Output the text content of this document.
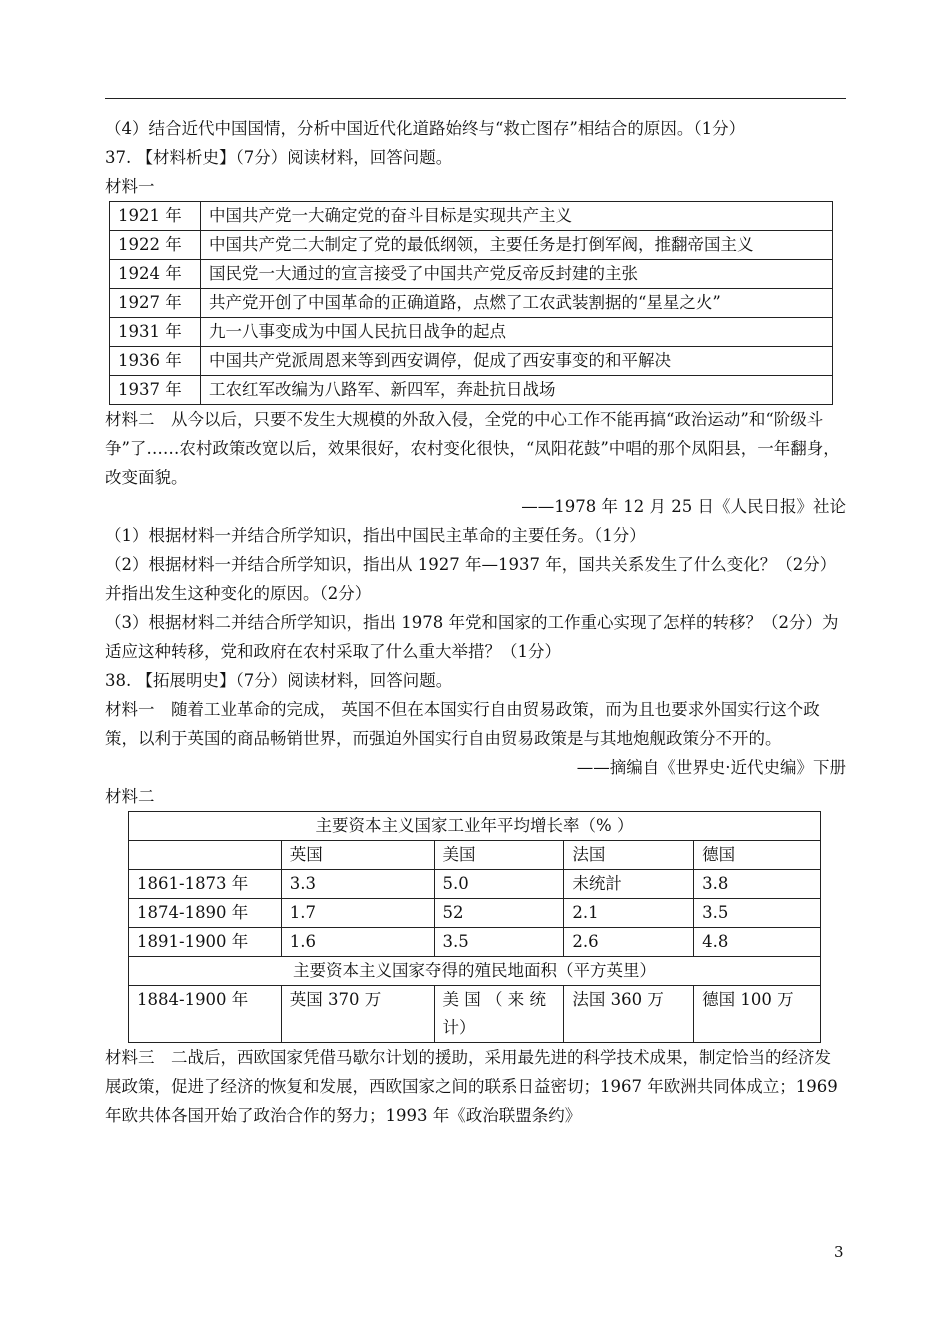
（4）结合近代中国国情，分析中国近代化道路始终与“救亡图存”相结合的原因。（1分）

37. 【材料析史】（7分）阅读材料，回答问题。

材料一

1921 年	中国共产党一大确定党的奋斗目标是实现共产主义
1922 年	中国共产党二大制定了党的最低纲领，主要任务是打倒军阀，推翻帝国主义
1924 年	国民党一大通过的宣言接受了中国共产党反帝反封建的主张
1927 年	共产党开创了中国革命的正确道路，点燃了工农武装割据的“星星之火”
1931 年	九一八事变成为中国人民抗日战争的起点
1936 年	中国共产党派周恩来等到西安调停，促成了西安事变的和平解决
1937 年	工农红军改编为八路军、新四军，奔赴抗日战场

材料二　从今以后，只要不发生大规模的外敌入侵，全党的中心工作不能再搞“政治运动”和“阶级斗争”了……农村政策改宽以后，效果很好，农村变化很快，“凤阳花鼓”中唱的那个凤阳县，一年翻身，改变面貌。

——1978 年 12 月 25 日《人民日报》社论

（1）根据材料一并结合所学知识，指出中国民主革命的主要任务。（1分）

（2）根据材料一并结合所学知识，指出从 1927 年—1937 年，国共关系发生了什么变化？（2分）并指出发生这种变化的原因。（2分）

（3）根据材料二并结合所学知识，指出 1978 年党和国家的工作重心实现了怎样的转移？（2分）为适应这种转移，党和政府在农村采取了什么重大举措？（1分）

38. 【拓展明史】（7分）阅读材料，回答问题。

材料一　随着工业革命的完成， 英国不但在本国实行自由贸易政策，而为且也要求外国实行这个政策，以利于英国的商品畅销世界，而强迫外国实行自由贸易政策是与其地炮舰政策分不开的。

——摘编自《世界史·近代史编》下册

材料二

主要资本主义国家工业年平均增长率（% ）				
	英国	美国	法国	德国
1861-1873 年	3.3	5.0	未统計	3.8
1874-1890 年	1.7	52	2.1	3.5
1891-1900 年	1.6	3.5	2.6	4.8
主要资本主义国家夺得的殖民地面积（平方英里）				
1884-1900 年	英国 370 万	美 国 （ 来 统 计）	法国 360 万	德国 100 万

材料三　二战后，西欧国家凭借马歇尔计划的援助，采用最先进的科学技术成果，制定恰当的经济发展政策，促进了经济的恢复和发展，西欧国家之间的联系日益密切；1967 年欧洲共同体成立；1969 年欧共体各国开始了政治合作的努力；1993 年《政治联盟条约》

3
